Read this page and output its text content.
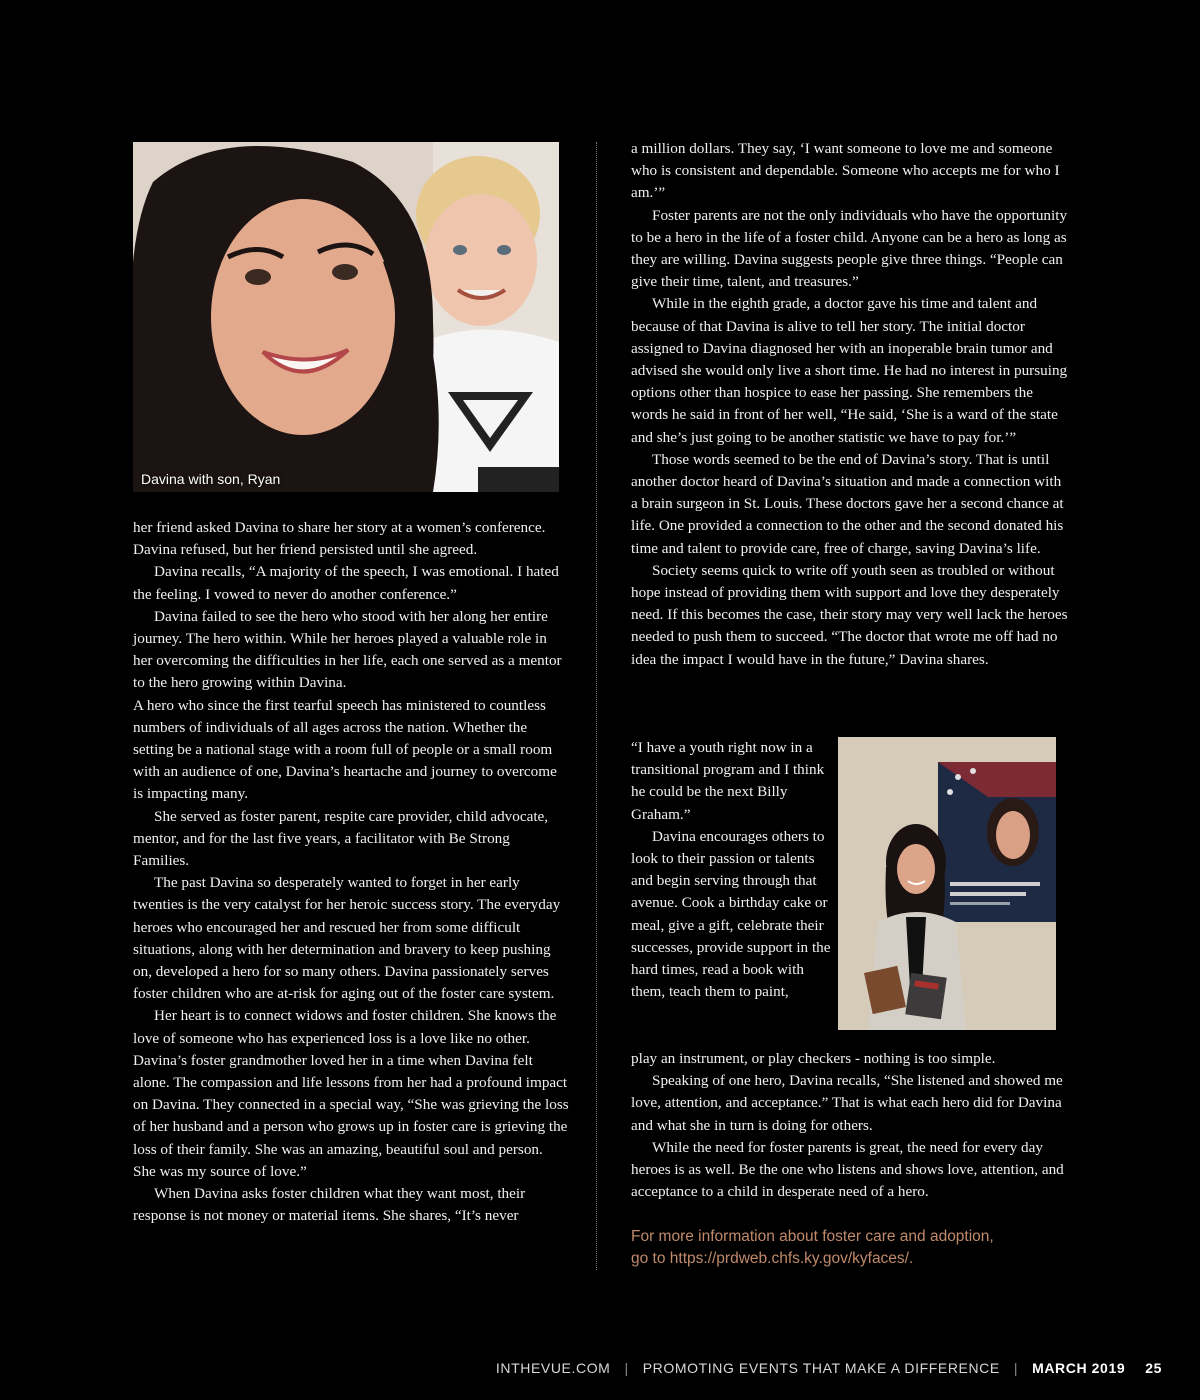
Davina with son, Ryan

her friend asked Davina to share her story at a women’s conference. Davina refused, but her friend persisted until she agreed.

Davina recalls, “A majority of the speech, I was emotional. I hated the feeling. I vowed to never do another conference.”

Davina failed to see the hero who stood with her along her entire journey. The hero within. While her heroes played a valuable role in her overcoming the difficulties in her life, each one served as a mentor to the hero growing within Davina.

A hero who since the first tearful speech has ministered to countless numbers of individuals of all ages across the nation. Whether the setting be a national stage with a room full of people or a small room with an audience of one, Davina’s heartache and journey to overcome is impacting many.

She served as foster parent, respite care provider, child advocate, mentor, and for the last five years, a facilitator with Be Strong Families.

The past Davina so desperately wanted to forget in her early twenties is the very catalyst for her heroic success story. The everyday heroes who encouraged her and rescued her from some difficult situations, along with her determination and bravery to keep pushing on, developed a hero for so many others. Davina passionately serves foster children who are at-risk for aging out of the foster care system.

Her heart is to connect widows and foster children. She knows the love of someone who has experienced loss is a love like no other. Davina’s foster grandmother loved her in a time when Davina felt alone. The compassion and life lessons from her had a profound impact on Davina. They connected in a special way, “She was grieving the loss of her husband and a person who grows up in foster care is grieving the loss of their family. She was an amazing, beautiful soul and person. She was my source of love.”

When Davina asks foster children what they want most, their response is not money or material items. She shares, “It’s never

a million dollars. They say, ‘I want someone to love me and someone who is consistent and dependable. Someone who accepts me for who I am.’”

Foster parents are not the only individuals who have the opportunity to be a hero in the life of a foster child. Anyone can be a hero as long as they are willing. Davina suggests people give three things. “People can give their time, talent, and treasures.”

While in the eighth grade, a doctor gave his time and talent and because of that Davina is alive to tell her story. The initial doctor assigned to Davina diagnosed her with an inoperable brain tumor and advised she would only live a short time. He had no interest in pursuing options other than hospice to ease her passing. She remembers the words he said in front of her well, “He said, ‘She is a ward of the state and she’s just going to be another statistic we have to pay for.’”

Those words seemed to be the end of Davina’s story. That is until another doctor heard of Davina’s situation and made a connection with a brain surgeon in St. Louis. These doctors gave her a second chance at life. One provided a connection to the other and the second donated his time and talent to provide care, free of charge, saving Davina’s life.

Society seems quick to write off youth seen as troubled or without hope instead of providing them with support and love they desperately need. If this becomes the case, their story may very well lack the heroes needed to push them to succeed. “The doctor that wrote me off had no idea the impact I would have in the future,” Davina shares.

“I have a youth right now in a transitional program and I think he could be the next Billy Graham.”

Davina encourages others to look to their passion or talents and begin serving through that avenue. Cook a birthday cake or meal, give a gift, celebrate their successes, provide support in the hard times, read a book with them, teach them to paint,

play an instrument, or play checkers - nothing is too simple.

Speaking of one hero, Davina recalls, “She listened and showed me love, attention, and acceptance.” That is what each hero did for Davina and what she in turn is doing for others.

While the need for foster parents is great, the need for every day heroes is as well. Be the one who listens and shows love, attention, and acceptance to a child in desperate need of a hero.

For more information about foster care and adoption,
go to https://prdweb.chfs.ky.gov/kyfaces/.
INTHEVUE.COM | PROMOTING EVENTS THAT MAKE A DIFFERENCE | MARCH 2019 25
